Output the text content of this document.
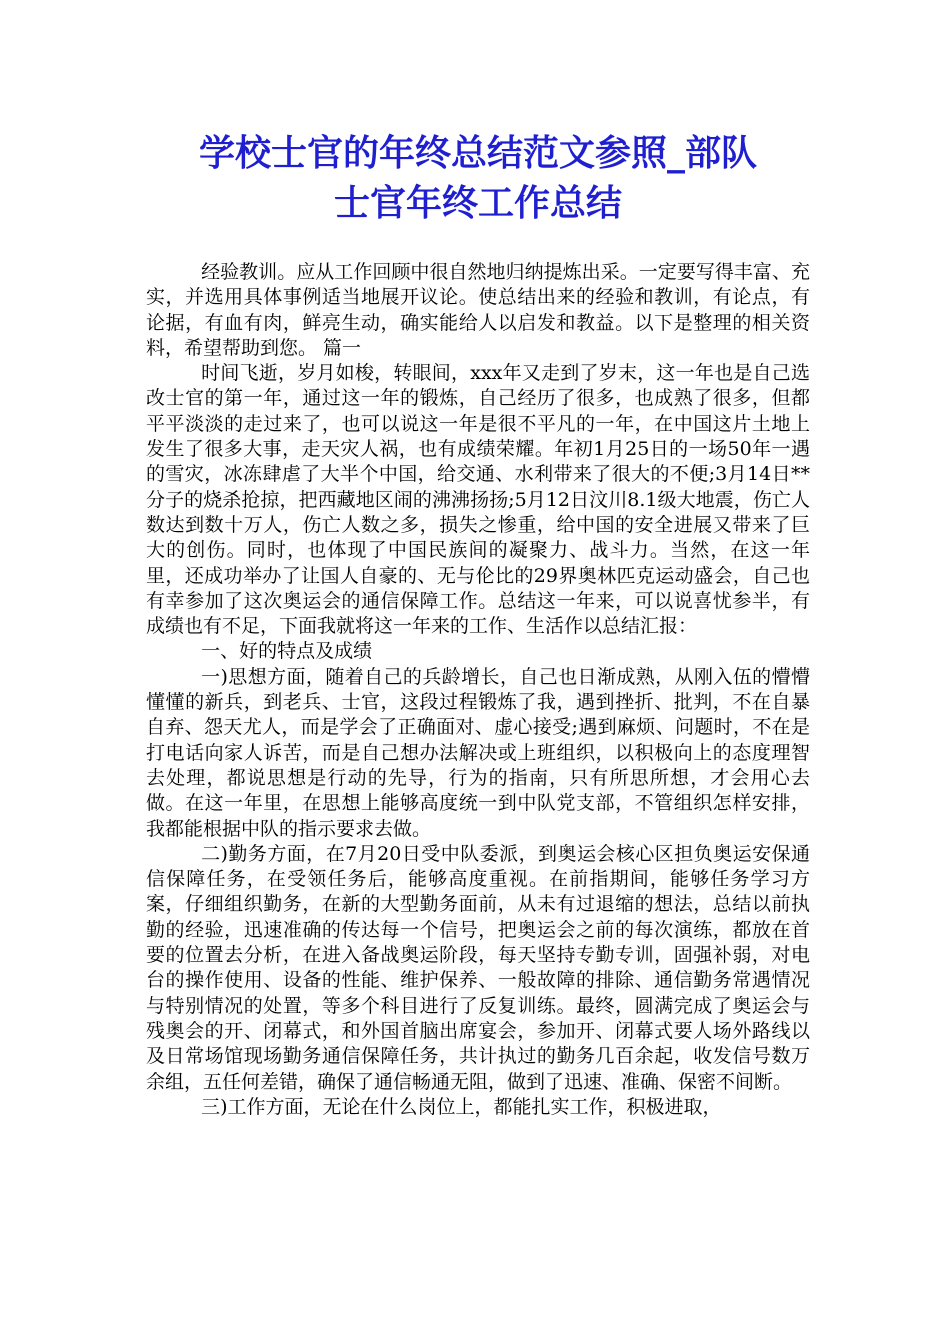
学校士官的年终总结范文参照_部队
士官年终工作总结

经验教训。应从工作回顾中很自然地归纳提炼出采。一定要写得丰富、充实，并选用具体事例适当地展开议论。使总结出来的经验和教训，有论点，有论据，有血有肉，鲜亮生动，确实能给人以启发和教益。以下是整理的相关资料，希望帮助到您。 篇一

时间飞逝，岁月如梭，转眼间，xxx年又走到了岁末，这一年也是自己选改士官的第一年，通过这一年的锻炼，自己经历了很多，也成熟了很多，但都平平淡淡的走过来了，也可以说这一年是很不平凡的一年，在中国这片土地上发生了很多大事，走天灾人祸，也有成绩荣耀。年初1月25日的一场50年一遇的雪灾，冰冻肆虐了大半个中国，给交通、水利带来了很大的不便;3月14日**分子的烧杀抢掠，把西藏地区闹的沸沸扬扬;5月12日汶川8.1级大地震，伤亡人数达到数十万人，伤亡人数之多，损失之惨重，给中国的安全进展又带来了巨大的创伤。同时，也体现了中国民族间的凝聚力、战斗力。当然，在这一年里，还成功举办了让国人自豪的、无与伦比的29界奥林匹克运动盛会，自己也有幸参加了这次奥运会的通信保障工作。总结这一年来，可以说喜忧参半，有成绩也有不足，下面我就将这一年来的工作、生活作以总结汇报：

一、好的特点及成绩

一)思想方面，随着自己的兵龄增长，自己也日渐成熟，从刚入伍的懵懵懂懂的新兵，到老兵、士官，这段过程锻炼了我，遇到挫折、批判，不在自暴自弃、怨天尤人，而是学会了正确面对、虚心接受;遇到麻烦、问题时，不在是打电话向家人诉苦，而是自己想办法解决或上班组织，以积极向上的态度理智去处理，都说思想是行动的先导，行为的指南，只有所思所想，才会用心去做。在这一年里，在思想上能够高度统一到中队党支部，不管组织怎样安排，我都能根据中队的指示要求去做。

二)勤务方面，在7月20日受中队委派，到奥运会核心区担负奥运安保通信保障任务，在受领任务后，能够高度重视。在前指期间，能够任务学习方案，仔细组织勤务，在新的大型勤务面前，从未有过退缩的想法，总结以前执勤的经验，迅速准确的传达每一个信号，把奥运会之前的每次演练，都放在首要的位置去分析，在进入备战奥运阶段，每天坚持专勤专训，固强补弱，对电台的操作使用、设备的性能、维护保养、一般故障的排除、通信勤务常遇情况与特别情况的处置，等多个科目进行了反复训练。最终，圆满完成了奥运会与残奥会的开、闭幕式，和外国首脑出席宴会，参加开、闭幕式要人场外路线以及日常场馆现场勤务通信保障任务，共计执过的勤务几百余起，收发信号数万余组，五任何差错，确保了通信畅通无阻，做到了迅速、准确、保密不间断。

三)工作方面，无论在什么岗位上，都能扎实工作，积极进取，
